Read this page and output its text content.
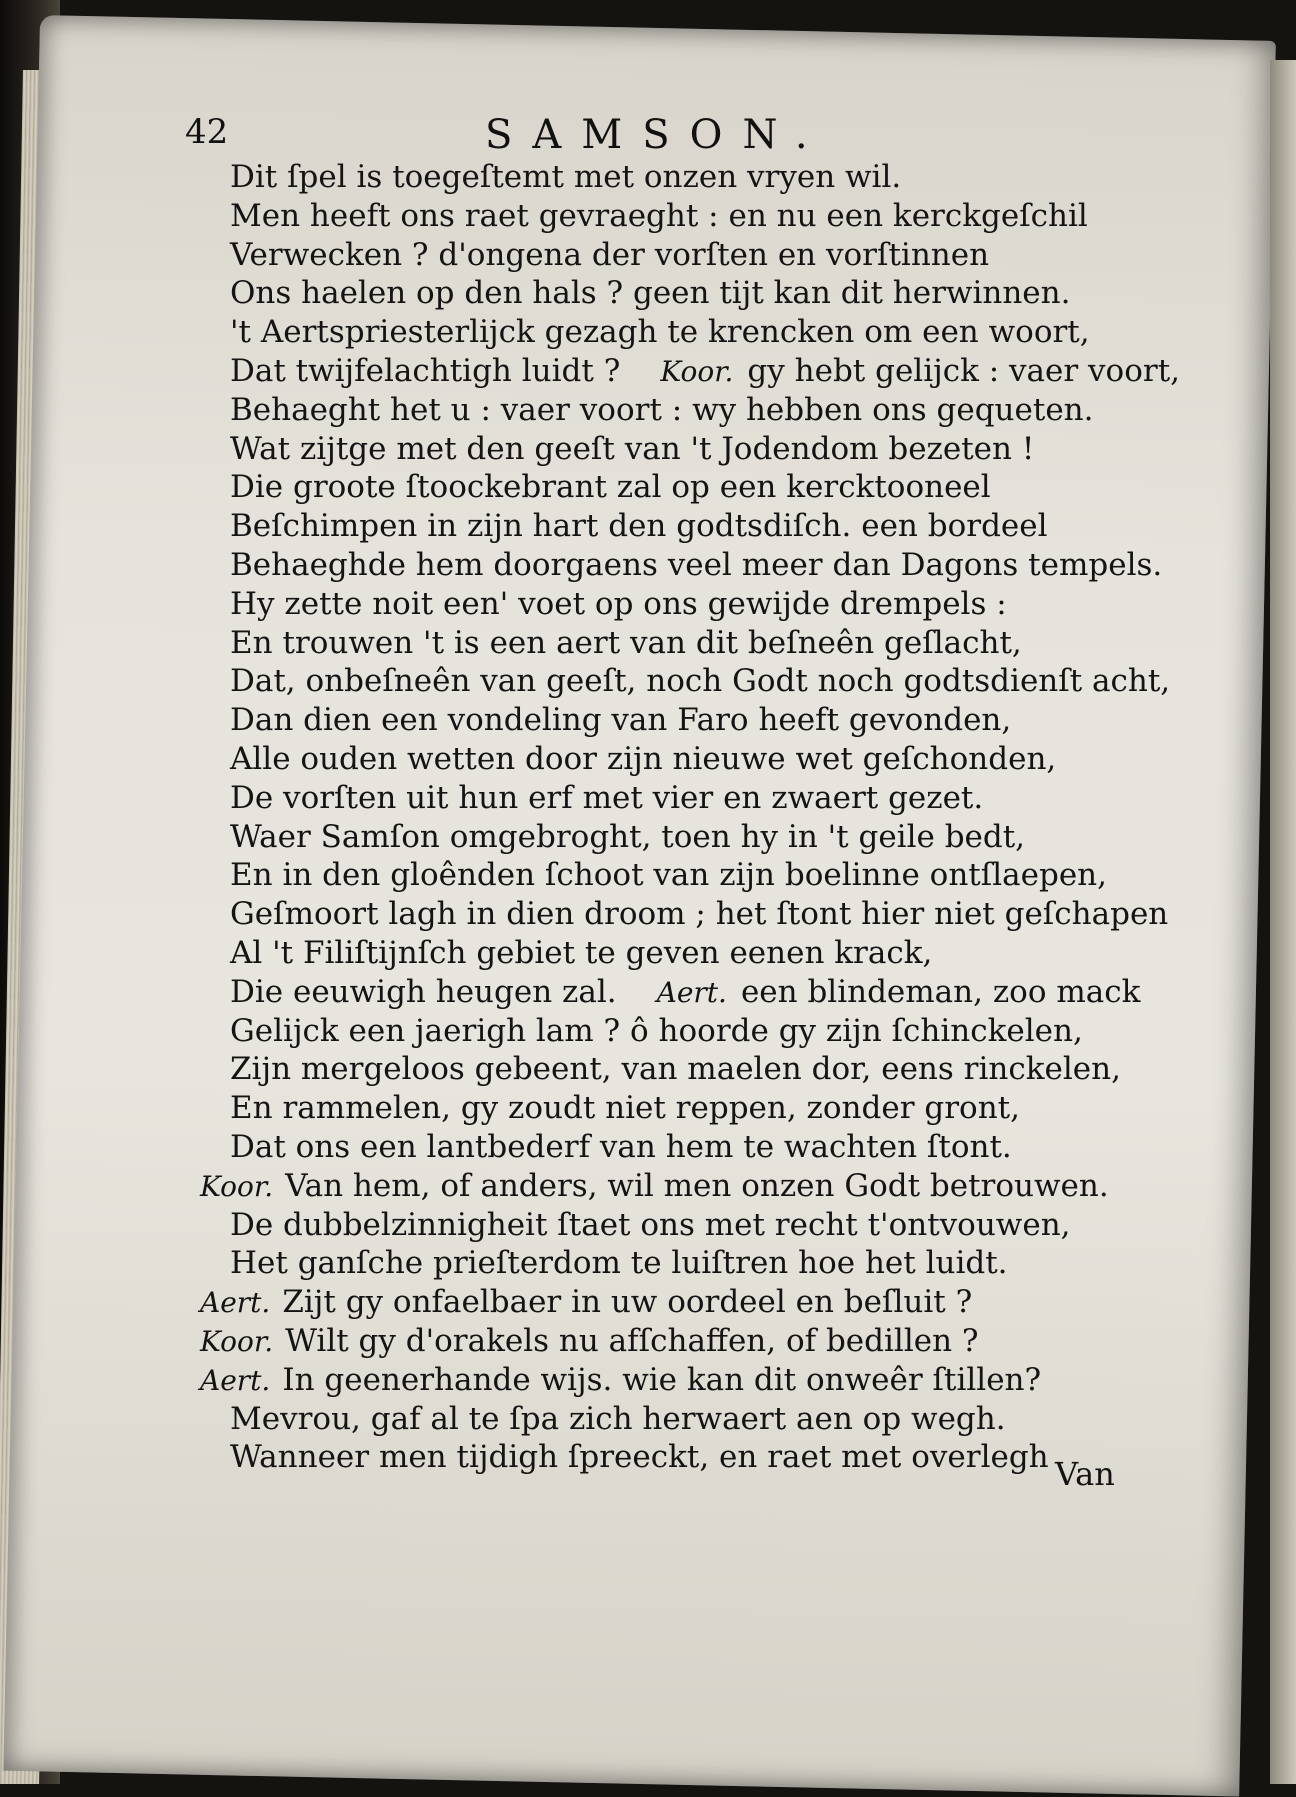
42	SAMSON.
Dit ſpel is toegeſtemt met onzen vryen wil.
Men heeft ons raet gevraeght : en nu een kerckgeſchil
Verwecken ? d'ongena der vorſten en vorſtinnen
Ons haelen op den hals ? geen tijt kan dit herwinnen.
't Aertspriesterlijck gezagh te krencken om een woort,
Dat twijfelachtigh luidt ? Koor. gy hebt gelijck : vaer voort,
Behaeght het u : vaer voort : wy hebben ons gequeten.
Wat zijtge met den geeſt van 't Jodendom bezeten !
Die groote ſtoockebrant zal op een kercktooneel
Beſchimpen in zijn hart den godtsdiſch. een bordeel
Behaeghde hem doorgaens veel meer dan Dagons tempels.
Hy zette noit een' voet op ons gewijde drempels :
En trouwen 't is een aert van dit beſneên geſlacht,
Dat, onbeſneên van geeſt, noch Godt noch godtsdienſt acht,
Dan dien een vondeling van Faro heeft gevonden,
Alle ouden wetten door zijn nieuwe wet geſchonden,
De vorſten uit hun erf met vier en zwaert gezet.
Waer Samſon omgebroght, toen hy in 't geile bedt,
En in den gloênden ſchoot van zijn boelinne ontſlaepen,
Geſmoort lagh in dien droom ; het ſtont hier niet geſchapen
Al 't Filiſtijnſch gebiet te geven eenen krack,
Die eeuwigh heugen zal. Aert. een blindeman, zoo mack
Gelijck een jaerigh lam ? ô hoorde gy zijn ſchinckelen,
Zijn mergeloos gebeent, van maelen dor, eens rinckelen,
En rammelen, gy zoudt niet reppen, zonder gront,
Dat ons een lantbederf van hem te wachten ſtont.
Koor. Van hem, of anders, wil men onzen Godt betrouwen.
De dubbelzinnigheit ſtaet ons met recht t'ontvouwen,
Het ganſche prieſterdom te luiſtren hoe het luidt.
Aert. Zijt gy onfaelbaer in uw oordeel en beſluit ?
Koor. Wilt gy d'orakels nu afſchaffen, of bedillen ?
Aert. In geenerhande wijs. wie kan dit onweêr ſtillen?
Mevrou, gaf al te ſpa zich herwaert aen op wegh.
Wanneer men tijdigh ſpreeckt, en raet met overlegh Van
